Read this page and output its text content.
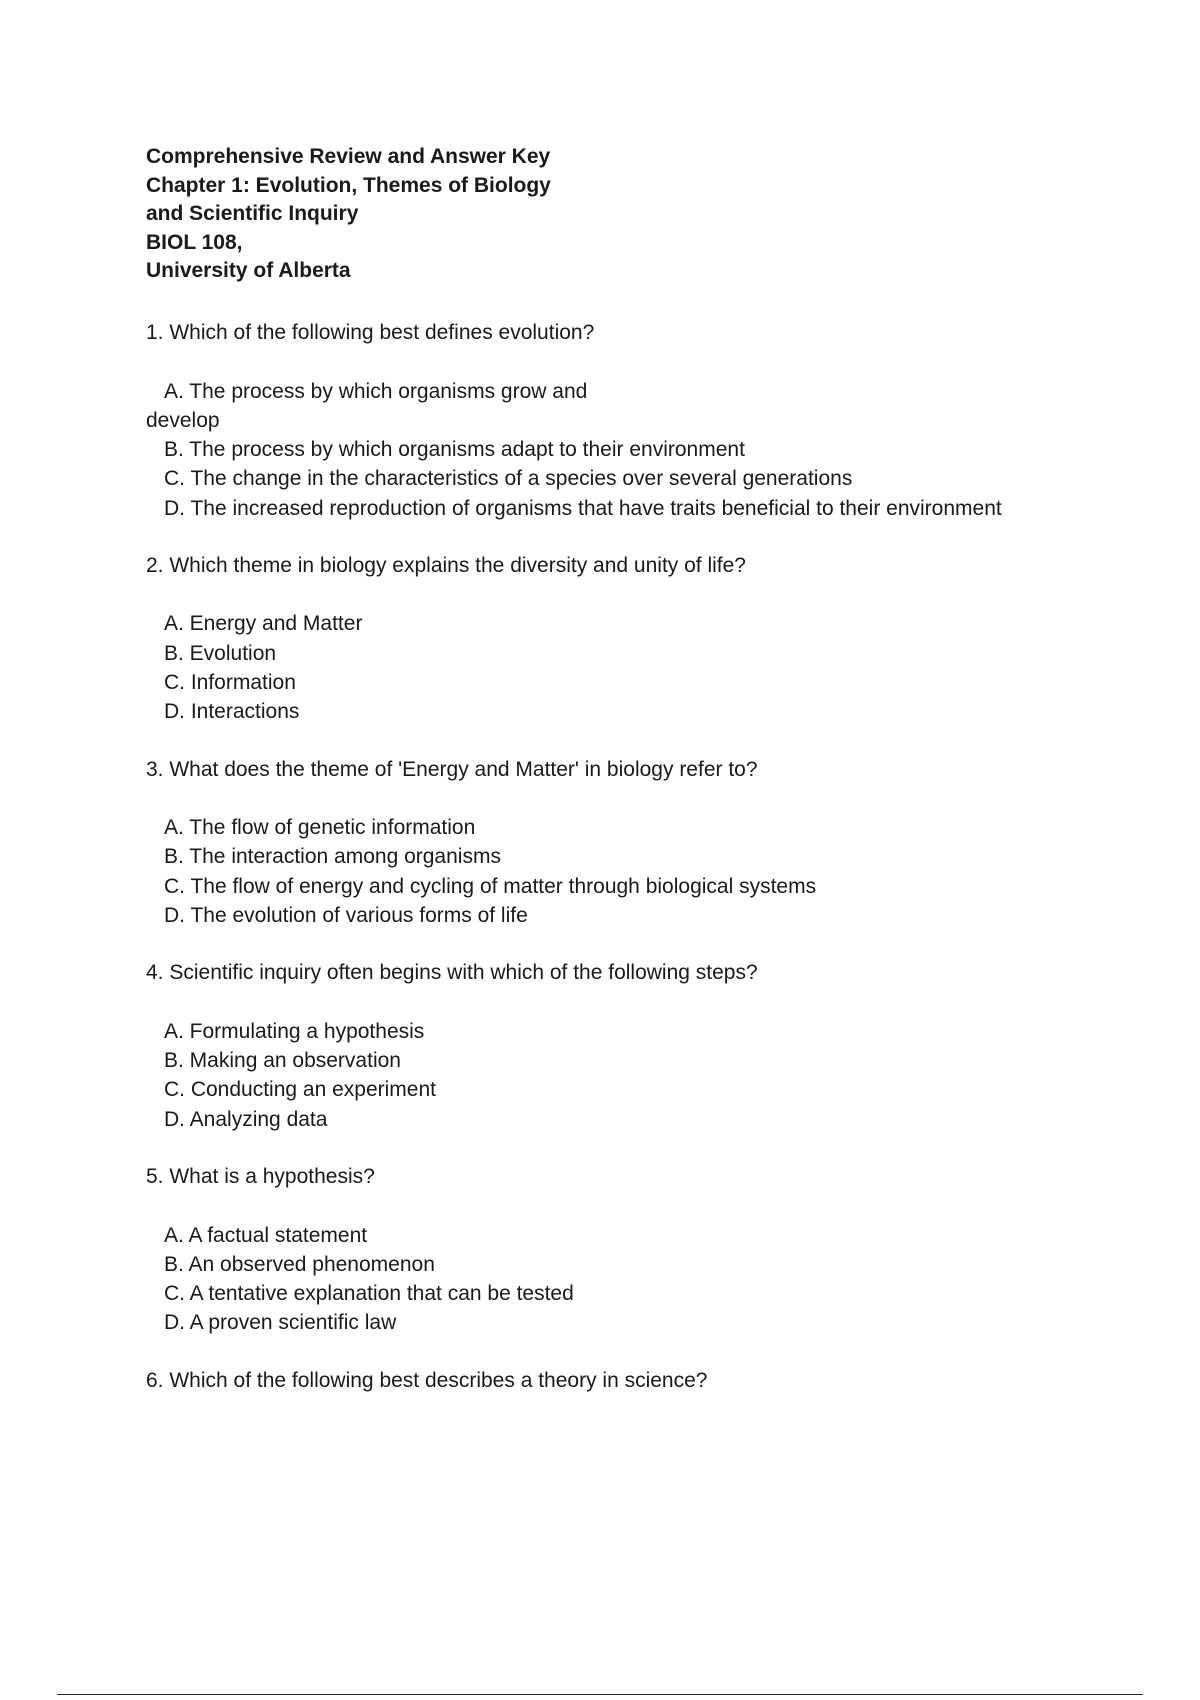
Comprehensive Review and Answer Key
Chapter 1: Evolution, Themes of Biology
and Scientific Inquiry
BIOL 108,
University of Alberta
1. Which of the following best defines evolution?
A. The process by which organisms grow and develop
B. The process by which organisms adapt to their environment
C. The change in the characteristics of a species over several generations
D. The increased reproduction of organisms that have traits beneficial to their environment
2. Which theme in biology explains the diversity and unity of life?
A. Energy and Matter
B. Evolution
C. Information
D. Interactions
3. What does the theme of 'Energy and Matter' in biology refer to?
A. The flow of genetic information
B. The interaction among organisms
C. The flow of energy and cycling of matter through biological systems
D. The evolution of various forms of life
4. Scientific inquiry often begins with which of the following steps?
A. Formulating a hypothesis
B. Making an observation
C. Conducting an experiment
D. Analyzing data
5. What is a hypothesis?
A. A factual statement
B. An observed phenomenon
C. A tentative explanation that can be tested
D. A proven scientific law
6. Which of the following best describes a theory in science?
